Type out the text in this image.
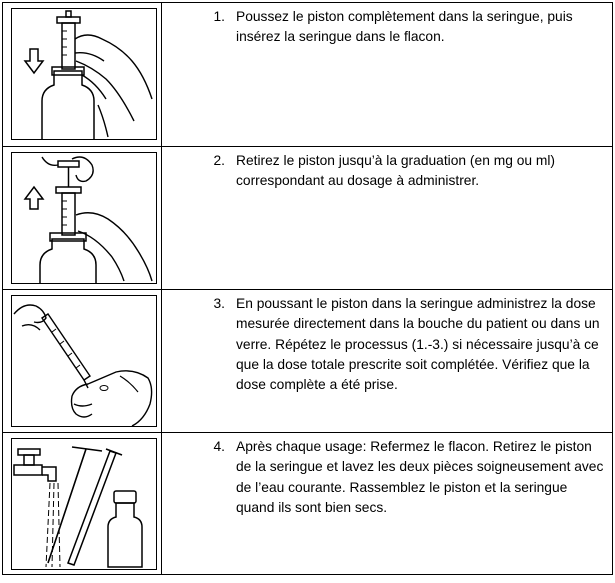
1. Poussez le piston complètement dans la seringue, puis insérez la seringue dans le flacon.

2. Retirez le piston jusqu’à la graduation (en mg ou ml) correspondant au dosage à administrer.

3. En poussant le piston dans la seringue administrez la dose mesurée directement dans la bouche du patient ou dans un verre. Répétez le processus (1.-3.) si nécessaire jusqu’à ce que la dose totale prescrite soit complétée. Vérifiez que la dose complète a été prise.

4. Après chaque usage: Refermez le flacon. Retirez le piston de la seringue et lavez les deux pièces soigneusement avec de l’eau courante. Rassemblez le piston et la seringue quand ils sont bien secs.
